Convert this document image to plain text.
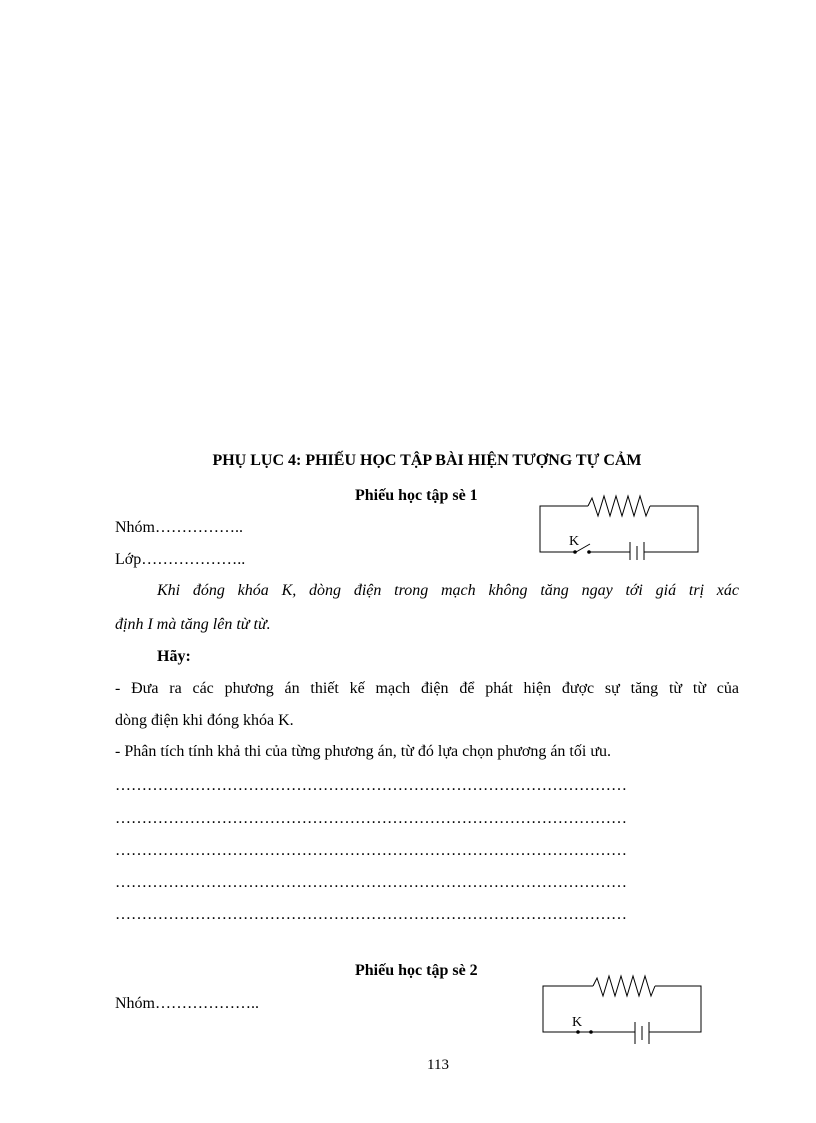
PHỤ LỤC 4: PHIẾU HỌC TẬP BÀI HIỆN TƯỢNG TỰ CẢM
Phiếu học tập sè 1
K
Nhóm……………..
Lớp………………..
Khi đóng khóa K, dòng điện trong mạch không tăng ngay tới giá trị xác
định I mà tăng lên từ từ.
Hãy:
- Đưa ra các phương án thiết kế mạch điện để phát hiện được sự tăng từ từ của
dòng điện khi đóng khóa K.
- Phân tích tính khả thi của từng phương án, từ đó lựa chọn phương án tối ưu.
……………………………………………………………………………………
……………………………………………………………………………………
……………………………………………………………………………………
……………………………………………………………………………………
……………………………………………………………………………………
Phiếu học tập sè 2
K
Nhóm………………..
113
